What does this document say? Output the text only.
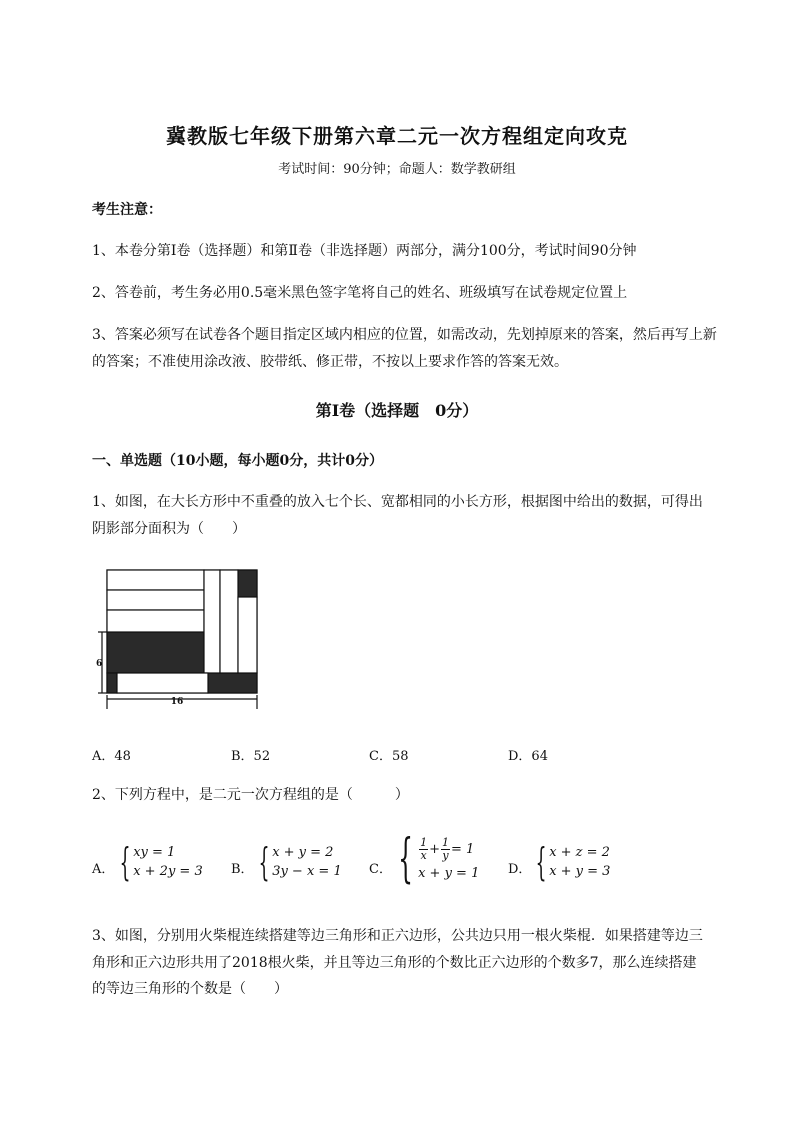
冀教版七年级下册第六章二元一次方程组定向攻克
考试时间：90分钟；命题人：数学教研组
考生注意：
1、本卷分第I卷（选择题）和第Ⅱ卷（非选择题）两部分，满分100分，考试时间90分钟
2、答卷前，考生务必用0.5毫米黑色签字笔将自己的姓名、班级填写在试卷规定位置上
3、答案必须写在试卷各个题目指定区域内相应的位置，如需改动，先划掉原来的答案，然后再写上新
的答案；不准使用涂改液、胶带纸、修正带，不按以上要求作答的答案无效。
第I卷（选择题　0分）
一、单选题（10小题，每小题0分，共计0分）
1、如图，在大长方形中不重叠的放入七个长、宽都相同的小长方形，根据图中给出的数据，可得出
阴影部分面积为（　　）
6
16
A．48	B．52	C．58	D．64
2、下列方程中，是二元一次方程组的是（　　　）
A． { xy = 1
x + 2y = 3 B． { x + y = 2
3y − x = 1 C． { $\frac{1}{x} + \frac{1}{y} = 1$
x + y = 1 D． { x + z = 2
x + y = 3
3、如图，分别用火柴棍连续搭建等边三角形和正六边形，公共边只用一根火柴棍．如果搭建等边三
角形和正六边形共用了2018根火柴，并且等边三角形的个数比正六边形的个数多7，那么连续搭建
的等边三角形的个数是（　　）
